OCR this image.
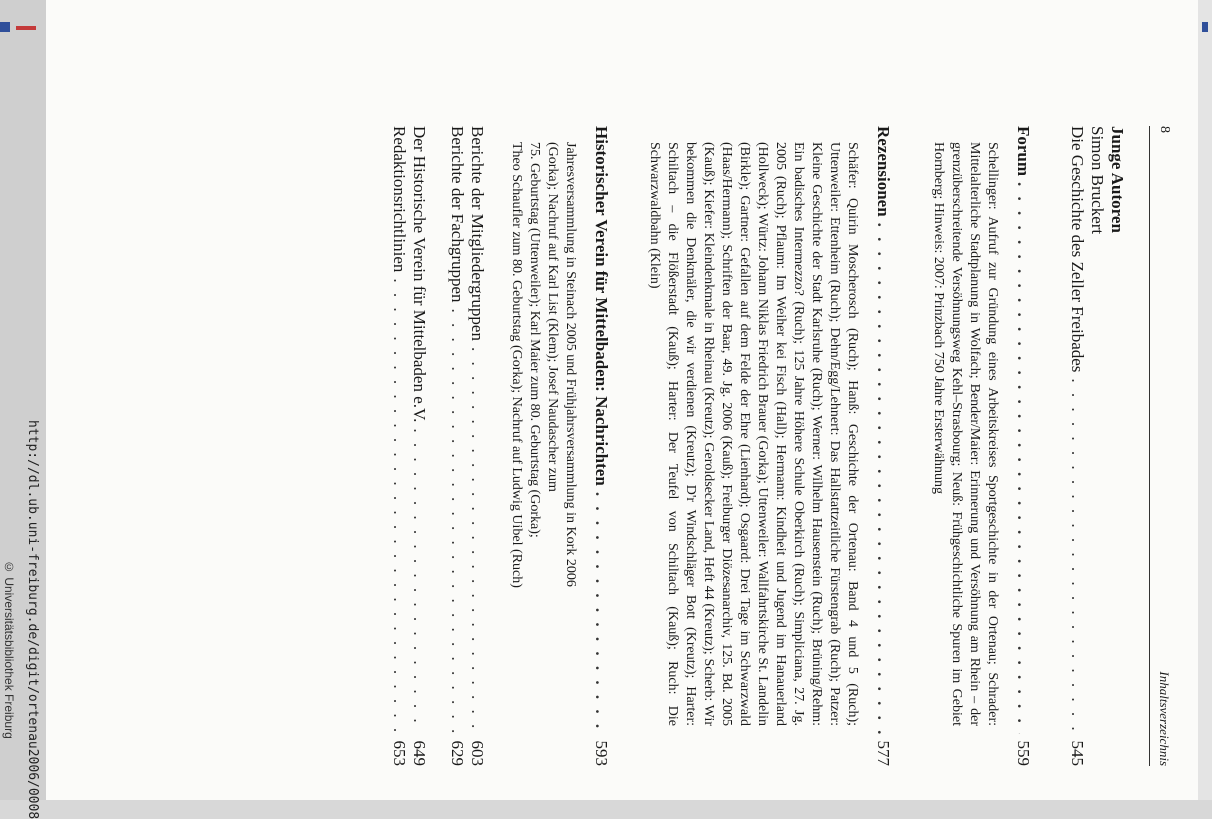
http://dl.ub.uni-freiburg.de/digit/ortenau2006/0008
© Universitätsbibliothek Freiburg
8
Inhaltsverzeichnis
Junge Autoren
Simon Bruckert
Die Geschichte des Zeller Freibades
. . .
545
Forum
. . .
559
Schellinger: Aufruf zur Gründung eines Arbeitskreises Sportgeschichte in der Ortenau; Schrader: Mittelalterliche Stadtplanung in Wolfach; Bender/Maier: Erinnerung und Versöhnung am Rhein – der grenzüberschreitende Versöhnungsweg Kehl–Strasbourg; Neuß: Frühgeschichtliche Spuren im Gebiet Hornberg; Hinweis: 2007: Prinzbach 750 Jahre Ersterwähnung
Rezensionen
. . .
577
Schäfer: Quirin Moscherosch (Ruch); Hanß: Geschichte der Ortenau: Band 4 und 5 (Ruch); Uttenweiler: Ettenheim (Ruch); Dehn/Egg/Lehnert: Das Hallstattzeitliche Fürstengrab (Ruch); Patzer: Kleine Geschichte der Stadt Karlsruhe (Ruch); Werner: Wilhelm Hausenstein (Ruch); Brüning/Rehm: Ein badisches Intermezzo? (Ruch); 125 Jahre Höhere Schule Oberkirch (Ruch); Simpliciana, 27. Jg. 2005 (Ruch); Pflaum: Im Weiher kei Fisch (Hall); Hermann: Kindheit und Jugend im Hanauerland (Hollweck); Würtz: Johann Niklas Friedrich Brauer (Gorka); Uttenweiler: Wallfahrtskirche St. Landelin (Birkle); Gartner: Gefallen auf dem Felde der Ehre (Lienhard); Osgaard: Drei Tage im Schwarzwald (Haas/Hermann); Schriften der Baar, 49. Jg. 2006 (Kauß); Freiburger Diözesanarchiv, 125. Bd. 2005 (Kauß); Kiefer: Kleindenkmale in Rheinau (Kreutz); Geroldsecker Land, Heft 44 (Kreutz); Scherb: Wir bekommen die Denkmäler, die wir verdienen (Kreutz); D'r Windschläger Bott (Kreutz); Harter: Schiltach – die Flößerstadt (Kauß); Harter: Der Teufel von Schiltach (Kauß); Ruch: Die Schwarzwaldbahn (Klein)
Historischer Verein für Mittelbaden: Nachrichten
. . .
593

Jahresversammlung in Steinach 2005 und Frühjahrsversammlung in Kork 2006

(Gorka); Nachruf auf Karl List (Klem); Josef Naudascher zum

75. Geburtstag (Uttenweiler); Karl Maier zum 80. Geburtstag (Gorka);

Theo Schaufler zum 80. Geburtstag (Gorka); Nachruf auf Ludwig Uibel (Ruch)

Berichte der Mitgliedergruppen
. . .
603
Berichte der Fachgruppen
. . .
629
Der Historische Verein für Mittelbaden e.V.
. . .
649
Redaktionsrichtlinien
. . .
653
